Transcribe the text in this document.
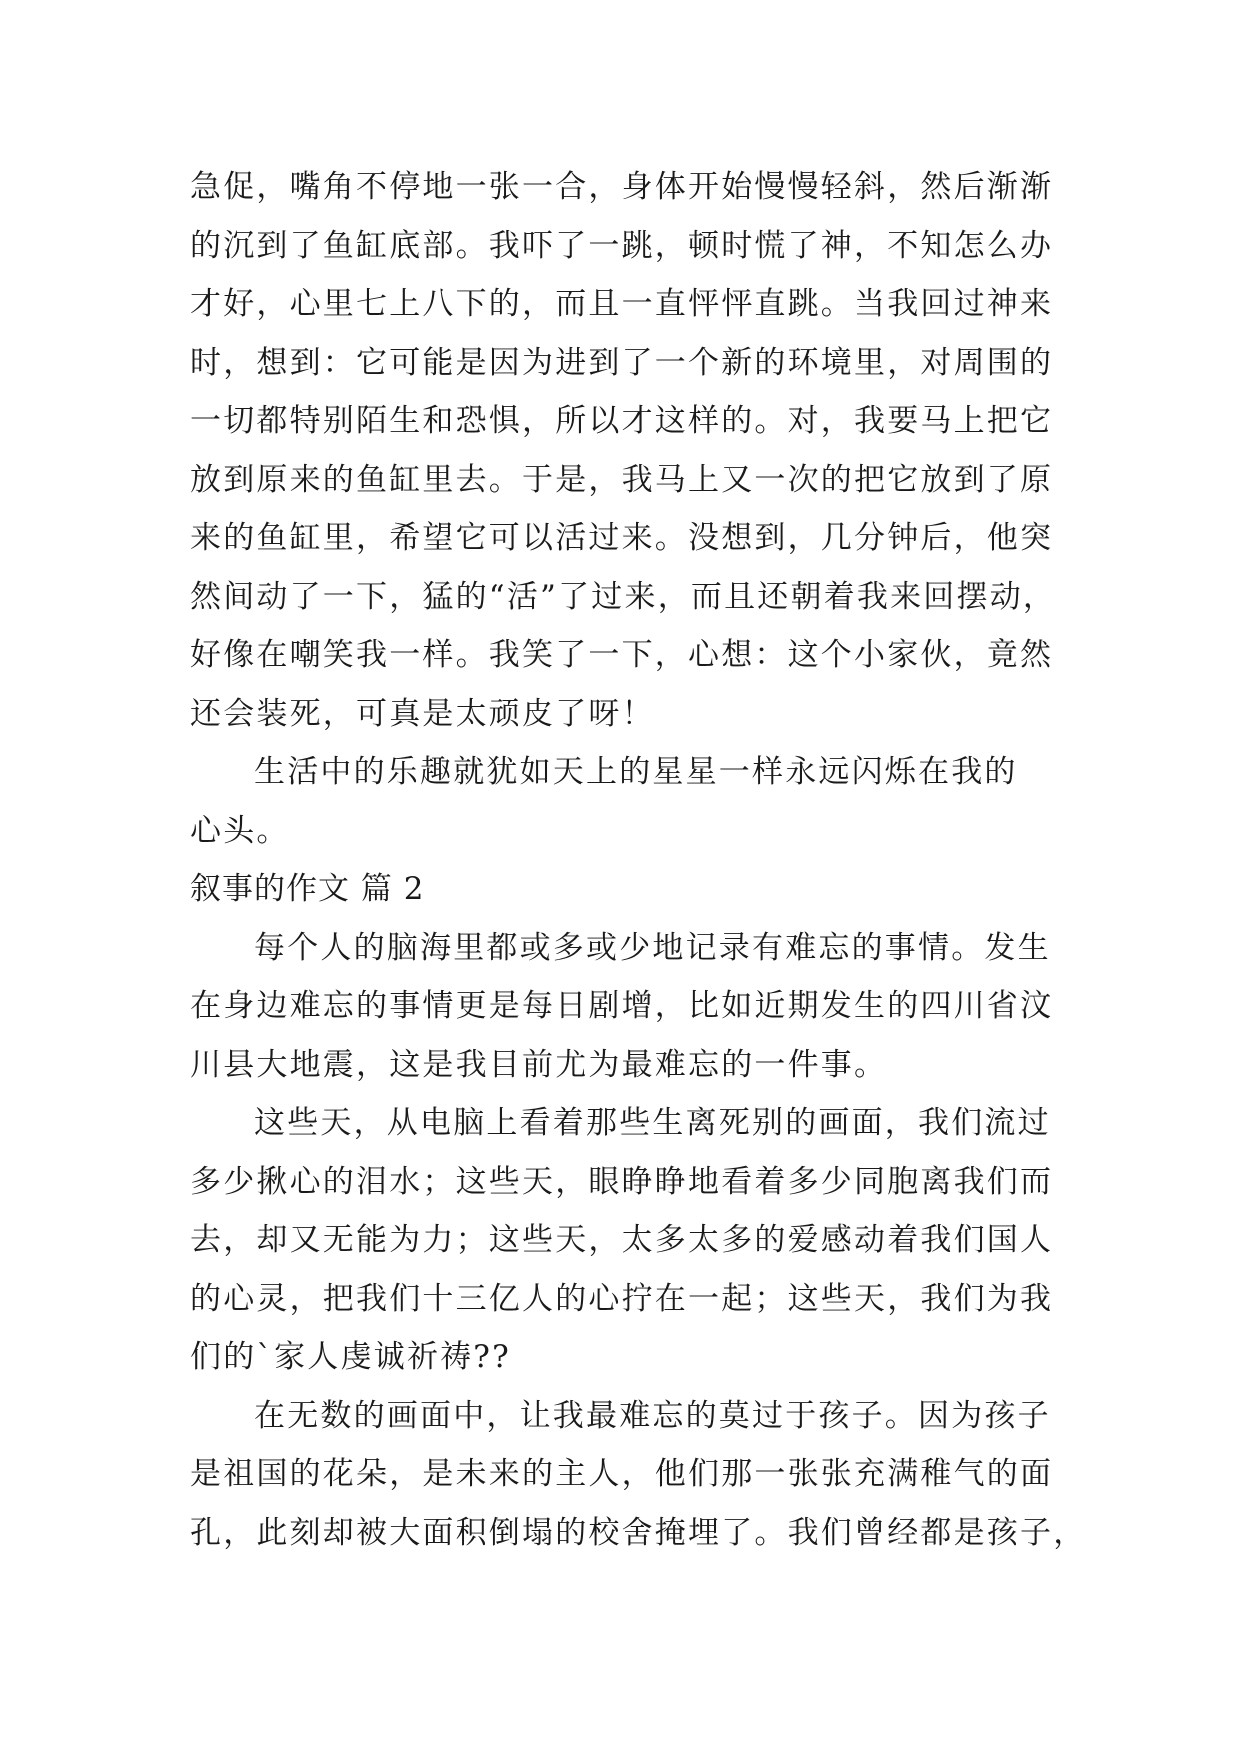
急促，嘴角不停地一张一合，身体开始慢慢轻斜，然后渐渐
的沉到了鱼缸底部。我吓了一跳，顿时慌了神，不知怎么办
才好，心里七上八下的，而且一直怦怦直跳。当我回过神来
时，想到：它可能是因为进到了一个新的环境里，对周围的
一切都特别陌生和恐惧，所以才这样的。对，我要马上把它
放到原来的鱼缸里去。于是，我马上又一次的把它放到了原
来的鱼缸里，希望它可以活过来。没想到，几分钟后，他突
然间动了一下，猛的“活”了过来，而且还朝着我来回摆动，
好像在嘲笑我一样。我笑了一下，心想：这个小家伙，竟然
还会装死，可真是太顽皮了呀！
生活中的乐趣就犹如天上的星星一样永远闪烁在我的
心头。
叙事的作文 篇 2
每个人的脑海里都或多或少地记录有难忘的事情。发生
在身边难忘的事情更是每日剧增，比如近期发生的四川省汶
川县大地震，这是我目前尤为最难忘的一件事。
这些天，从电脑上看着那些生离死别的画面，我们流过
多少揪心的泪水；这些天，眼睁睁地看着多少同胞离我们而
去，却又无能为力；这些天，太多太多的爱感动着我们国人
的心灵，把我们十三亿人的心拧在一起；这些天，我们为我
们的`家人虔诚祈祷??
在无数的画面中，让我最难忘的莫过于孩子。因为孩子
是祖国的花朵，是未来的主人，他们那一张张充满稚气的面
孔，此刻却被大面积倒塌的校舍掩埋了。我们曾经都是孩子，
